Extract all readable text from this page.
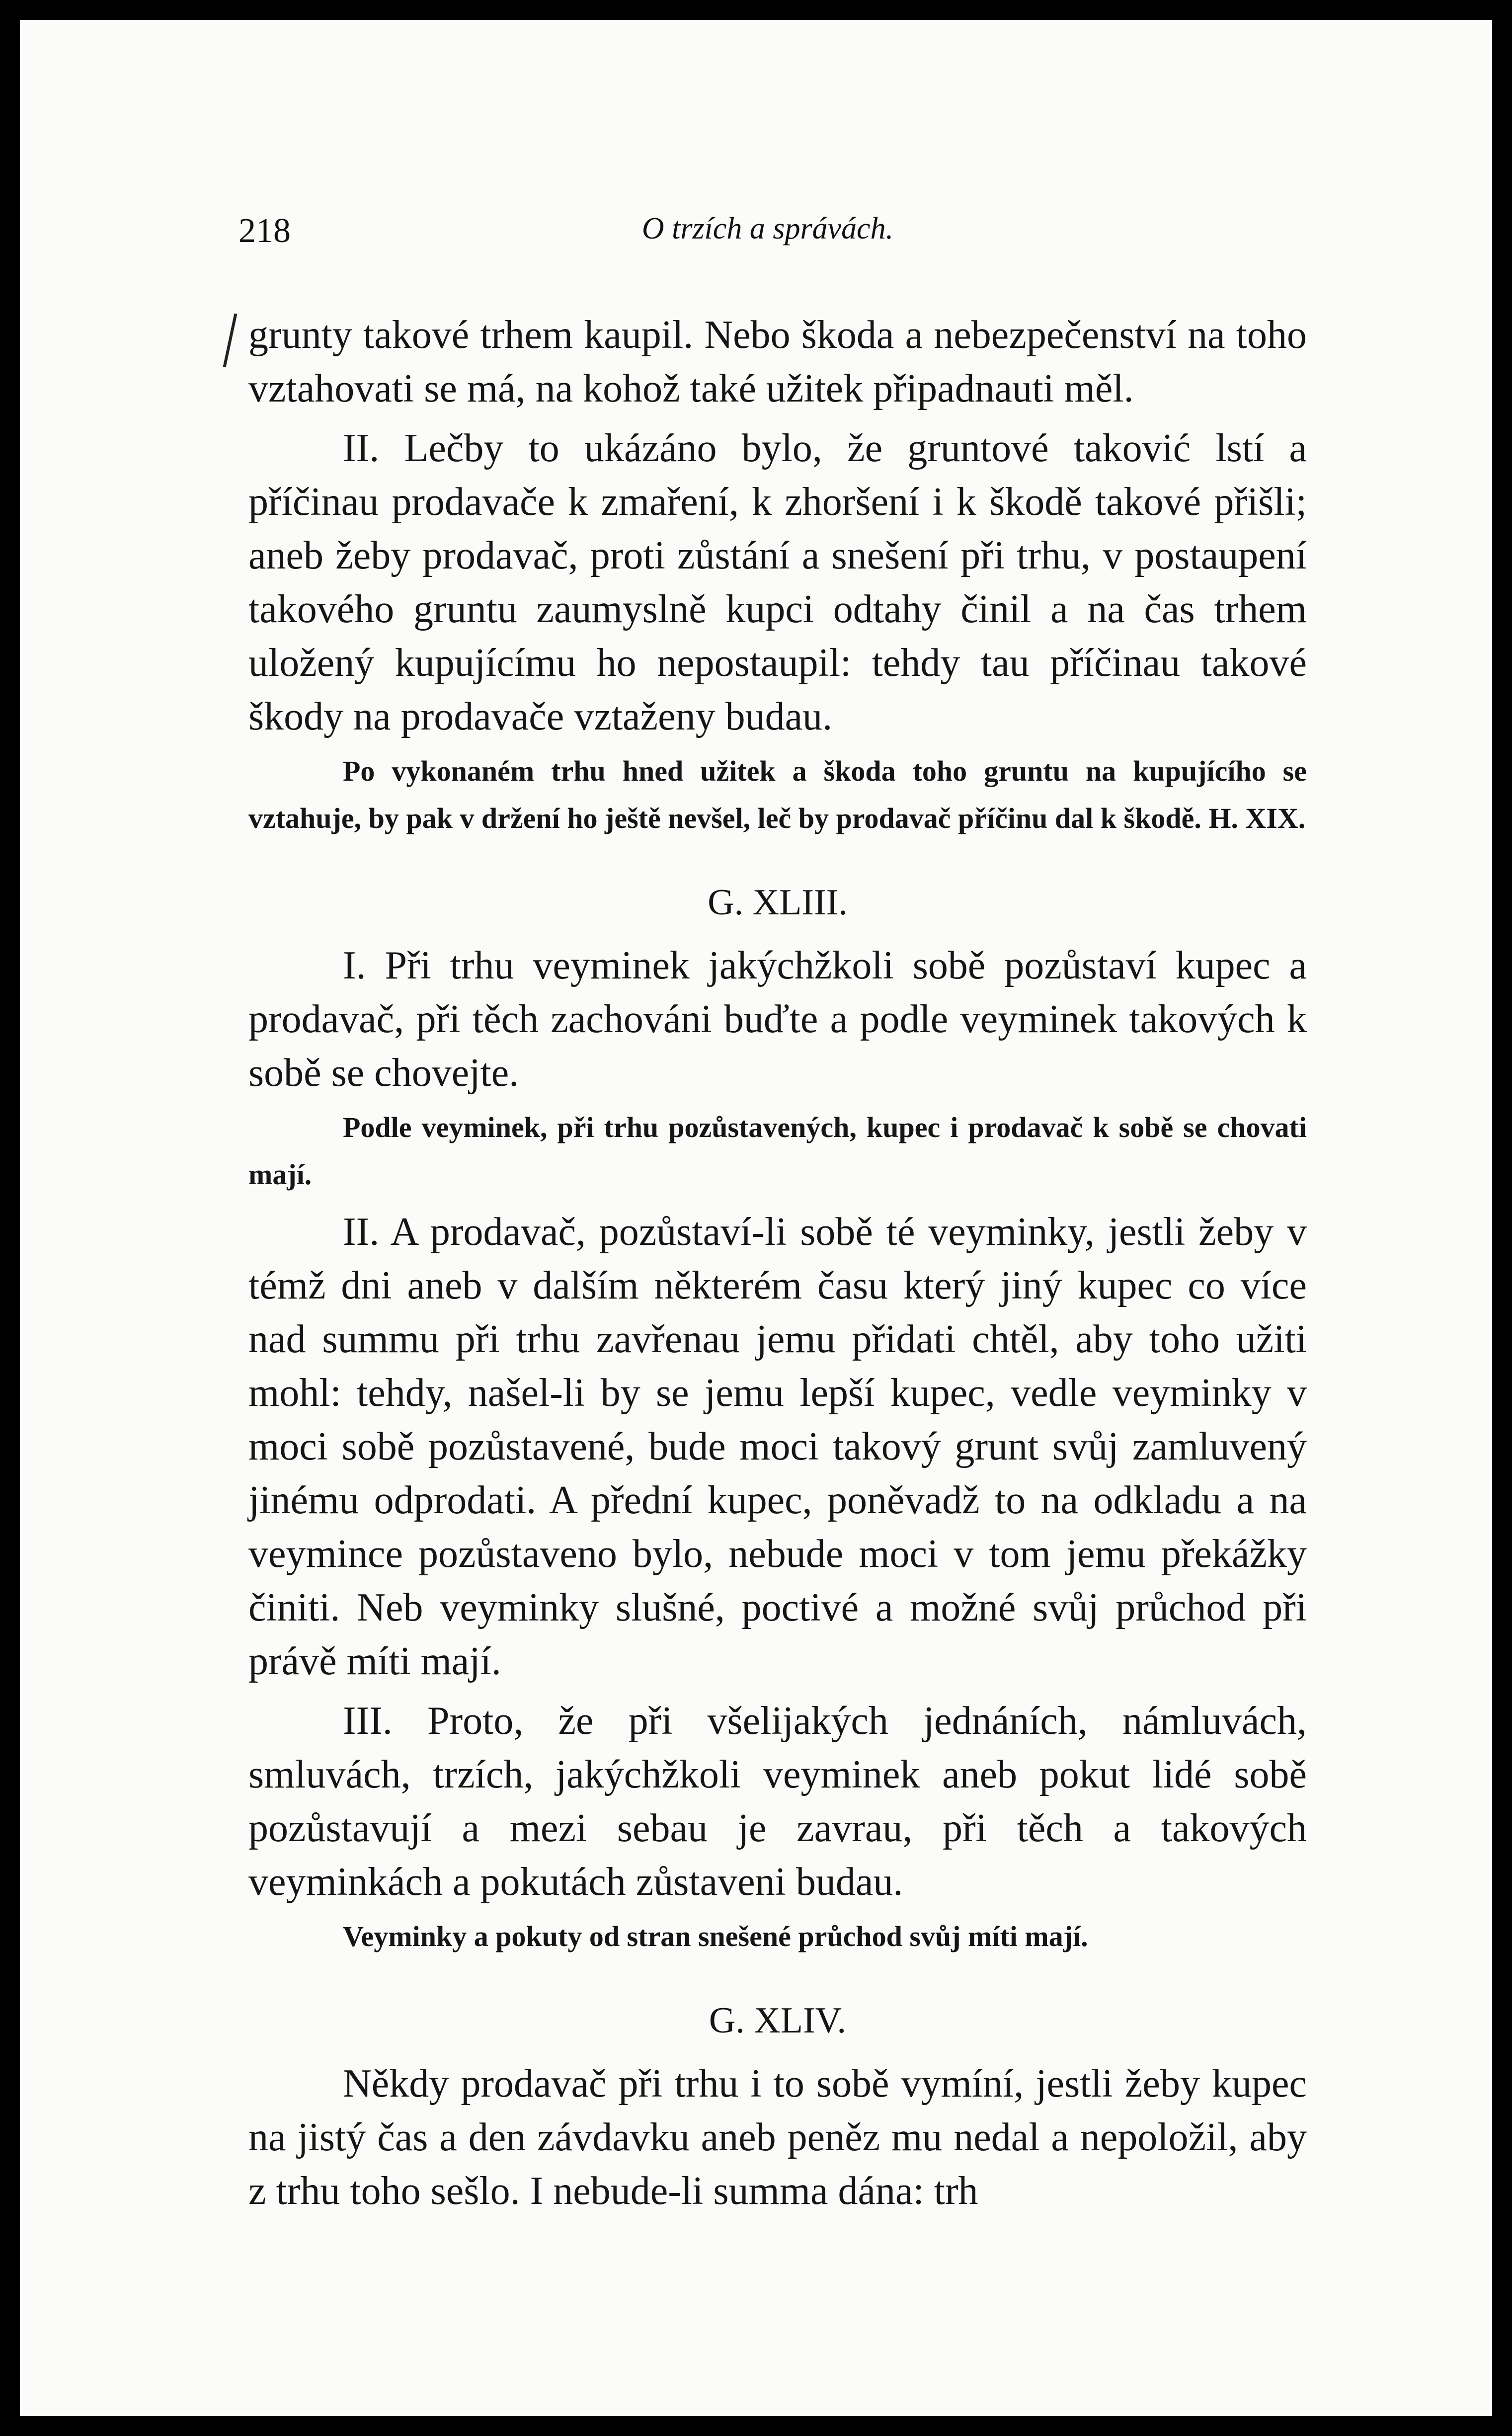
218	O trzích a správách.

grunty takové trhem kaupil. Nebo škoda a nebezpečenství na toho vztahovati se má, na kohož také užitek připadnauti měl.

II. Lečby to ukázáno bylo, že gruntové taković lstí a příčinau prodavače k zmaření, k zhoršení i k škodě takové přišli; aneb žeby prodavač, proti zůstání a snešení při trhu, v postaupení takového gruntu zaumyslně kupci odtahy činil a na čas trhem uložený kupujícímu ho nepostaupil: tehdy tau příčinau takové škody na prodavače vztaženy budau.

Po vykonaném trhu hned užitek a škoda toho gruntu na kupujícího se vztahuje, by pak v držení ho ještě nevšel, leč by prodavač příčinu dal k škodě. H. XIX.

G. XLIII.

I. Při trhu veyminek jakýchžkoli sobě pozůstaví kupec a prodavač, při těch zachováni buďte a podle veyminek takových k sobě se chovejte.

Podle veyminek, při trhu pozůstavených, kupec i prodavač k sobě se chovati mají.

II. A prodavač, pozůstaví-li sobě té veyminky, jestli žeby v témž dni aneb v dalším některém času který jiný kupec co více nad summu při trhu zavřenau jemu přidati chtěl, aby toho užiti mohl: tehdy, našel-li by se jemu lepší kupec, vedle veyminky v moci sobě pozůstavené, bude moci takový grunt svůj zamluvený jinému odprodati. A přední kupec, poněvadž to na odkladu a na veymince pozůstaveno bylo, nebude moci v tom jemu překážky činiti. Neb veyminky slušné, poctivé a možné svůj průchod při právě míti mají.

III. Proto, že při všelijakých jednáních, námluvách, smluvách, trzích, jakýchžkoli veyminek aneb pokut lidé sobě pozůstavují a mezi sebau je zavrau, při těch a takových veyminkách a pokutách zůstaveni budau.

Veyminky a pokuty od stran snešené průchod svůj míti mají.

G. XLIV.

Někdy prodavač při trhu i to sobě vymíní, jestli žeby kupec na jistý čas a den závdavku aneb peněz mu nedal a nepoložil, aby z trhu toho sešlo. I nebude-li summa dána: trh
